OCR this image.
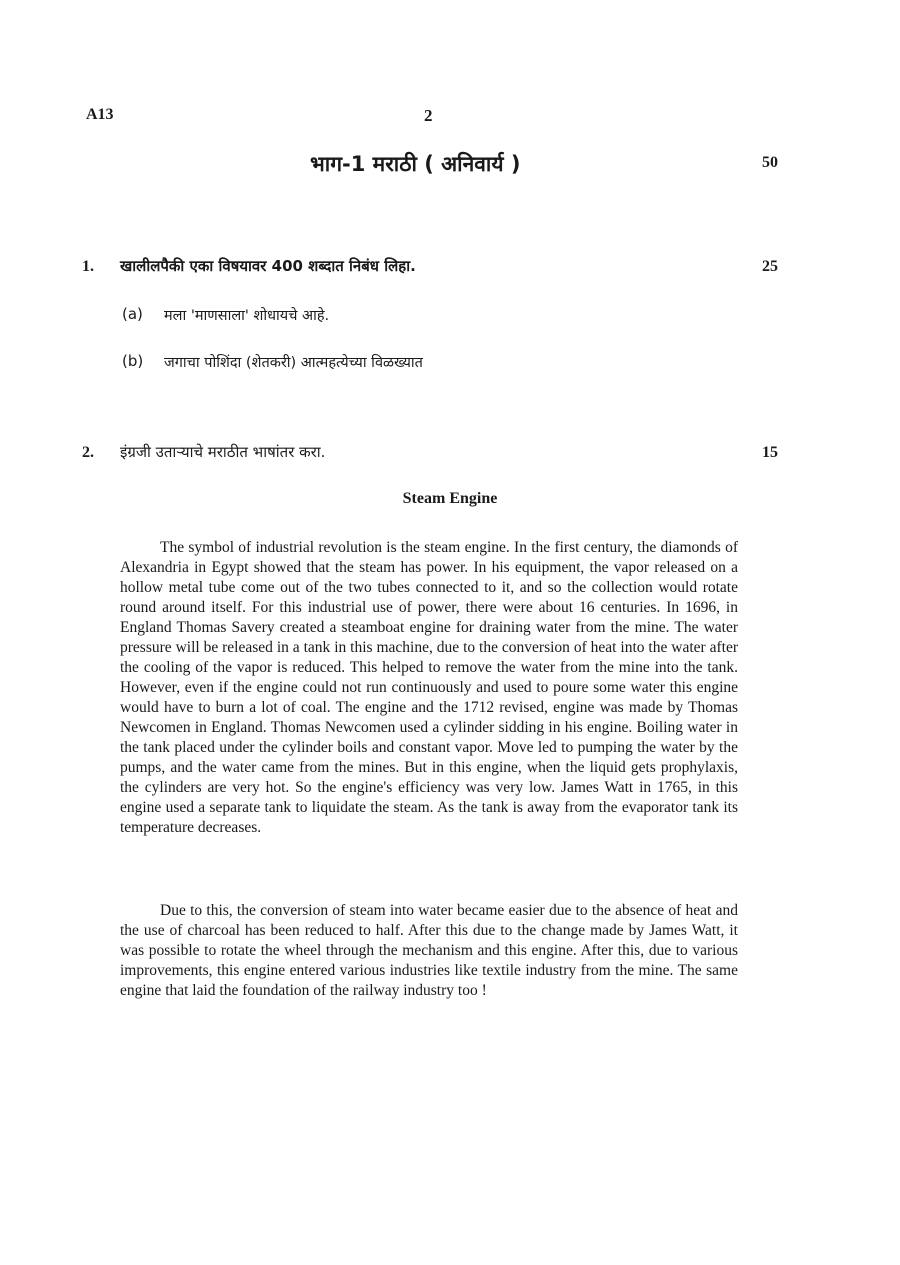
A13	2
भाग-1 मराठी ( अनिवार्य )	50
1. खालीलपैकी एका विषयावर 400 शब्दात निबंध लिहा.	25
(a) मला 'माणसाला' शोधायचे आहे.
(b) जगाचा पोशिंदा (शेतकरी) आत्महत्येच्या विळख्यात
2. इंग्रजी उताऱ्याचे मराठीत भाषांतर करा.	15
Steam Engine

The symbol of industrial revolution is the steam engine. In the first century, the diamonds of Alexandria in Egypt showed that the steam has power. In his equipment, the vapor released on a hollow metal tube come out of the two tubes connected to it, and so the collection would rotate round around itself. For this industrial use of power, there were about 16 centuries. In 1696, in England Thomas Savery created a steamboat engine for draining water from the mine. The water pressure will be released in a tank in this machine, due to the conversion of heat into the water after the cooling of the vapor is reduced. This helped to remove the water from the mine into the tank. However, even if the engine could not run continuously and used to poure some water this engine would have to burn a lot of coal. The engine and the 1712 revised, engine was made by Thomas Newcomen in England. Thomas Newcomen used a cylinder sidding in his engine. Boiling water in the tank placed under the cylinder boils and constant vapor. Move led to pumping the water by the pumps, and the water came from the mines. But in this engine, when the liquid gets prophylaxis, the cylinders are very hot. So the engine's efficiency was very low. James Watt in 1765, in this engine used a separate tank to liquidate the steam. As the tank is away from the evaporator tank its temperature decreases.

Due to this, the conversion of steam into water became easier due to the absence of heat and the use of charcoal has been reduced to half. After this due to the change made by James Watt, it was possible to rotate the wheel through the mechanism and this engine. After this, due to various improvements, this engine entered various industries like textile industry from the mine. The same engine that laid the foundation of the railway industry too !
